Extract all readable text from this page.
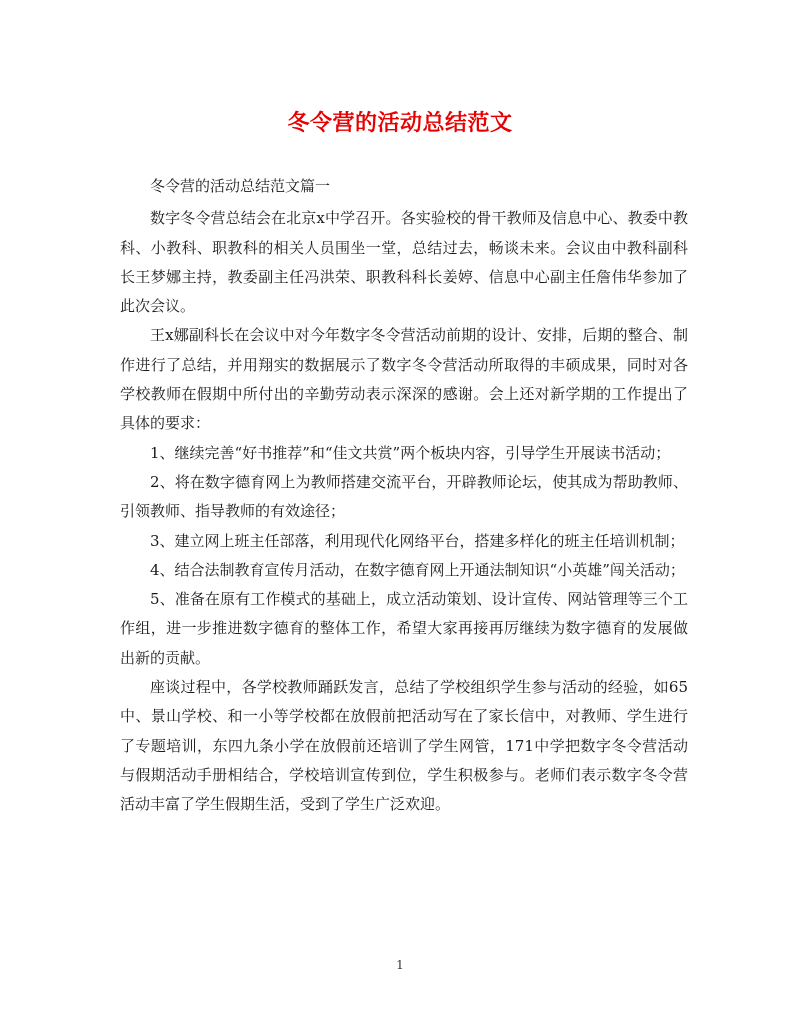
冬令营的活动总结范文

冬令营的活动总结范文篇一

数字冬令营总结会在北京x中学召开。各实验校的骨干教师及信息中心、教委中教科、小教科、职教科的相关人员围坐一堂，总结过去，畅谈未来。会议由中教科副科长王梦娜主持，教委副主任冯洪荣、职教科科长姜婷、信息中心副主任詹伟华参加了此次会议。

王x娜副科长在会议中对今年数字冬令营活动前期的设计、安排，后期的整合、制作进行了总结，并用翔实的数据展示了数字冬令营活动所取得的丰硕成果，同时对各学校教师在假期中所付出的辛勤劳动表示深深的感谢。会上还对新学期的工作提出了具体的要求：

1、继续完善“好书推荐”和“佳文共赏”两个板块内容，引导学生开展读书活动；

2、将在数字德育网上为教师搭建交流平台，开辟教师论坛，使其成为帮助教师、引领教师、指导教师的有效途径；

3、建立网上班主任部落，利用现代化网络平台，搭建多样化的班主任培训机制；

4、结合法制教育宣传月活动，在数字德育网上开通法制知识“小英雄”闯关活动；

5、准备在原有工作模式的基础上，成立活动策划、设计宣传、网站管理等三个工作组，进一步推进数字德育的整体工作，希望大家再接再厉继续为数字德育的发展做出新的贡献。

座谈过程中，各学校教师踊跃发言，总结了学校组织学生参与活动的经验，如65中、景山学校、和一小等学校都在放假前把活动写在了家长信中，对教师、学生进行了专题培训，东四九条小学在放假前还培训了学生网管，171中学把数字冬令营活动与假期活动手册相结合，学校培训宣传到位，学生积极参与。老师们表示数字冬令营活动丰富了学生假期生活，受到了学生广泛欢迎。

1
